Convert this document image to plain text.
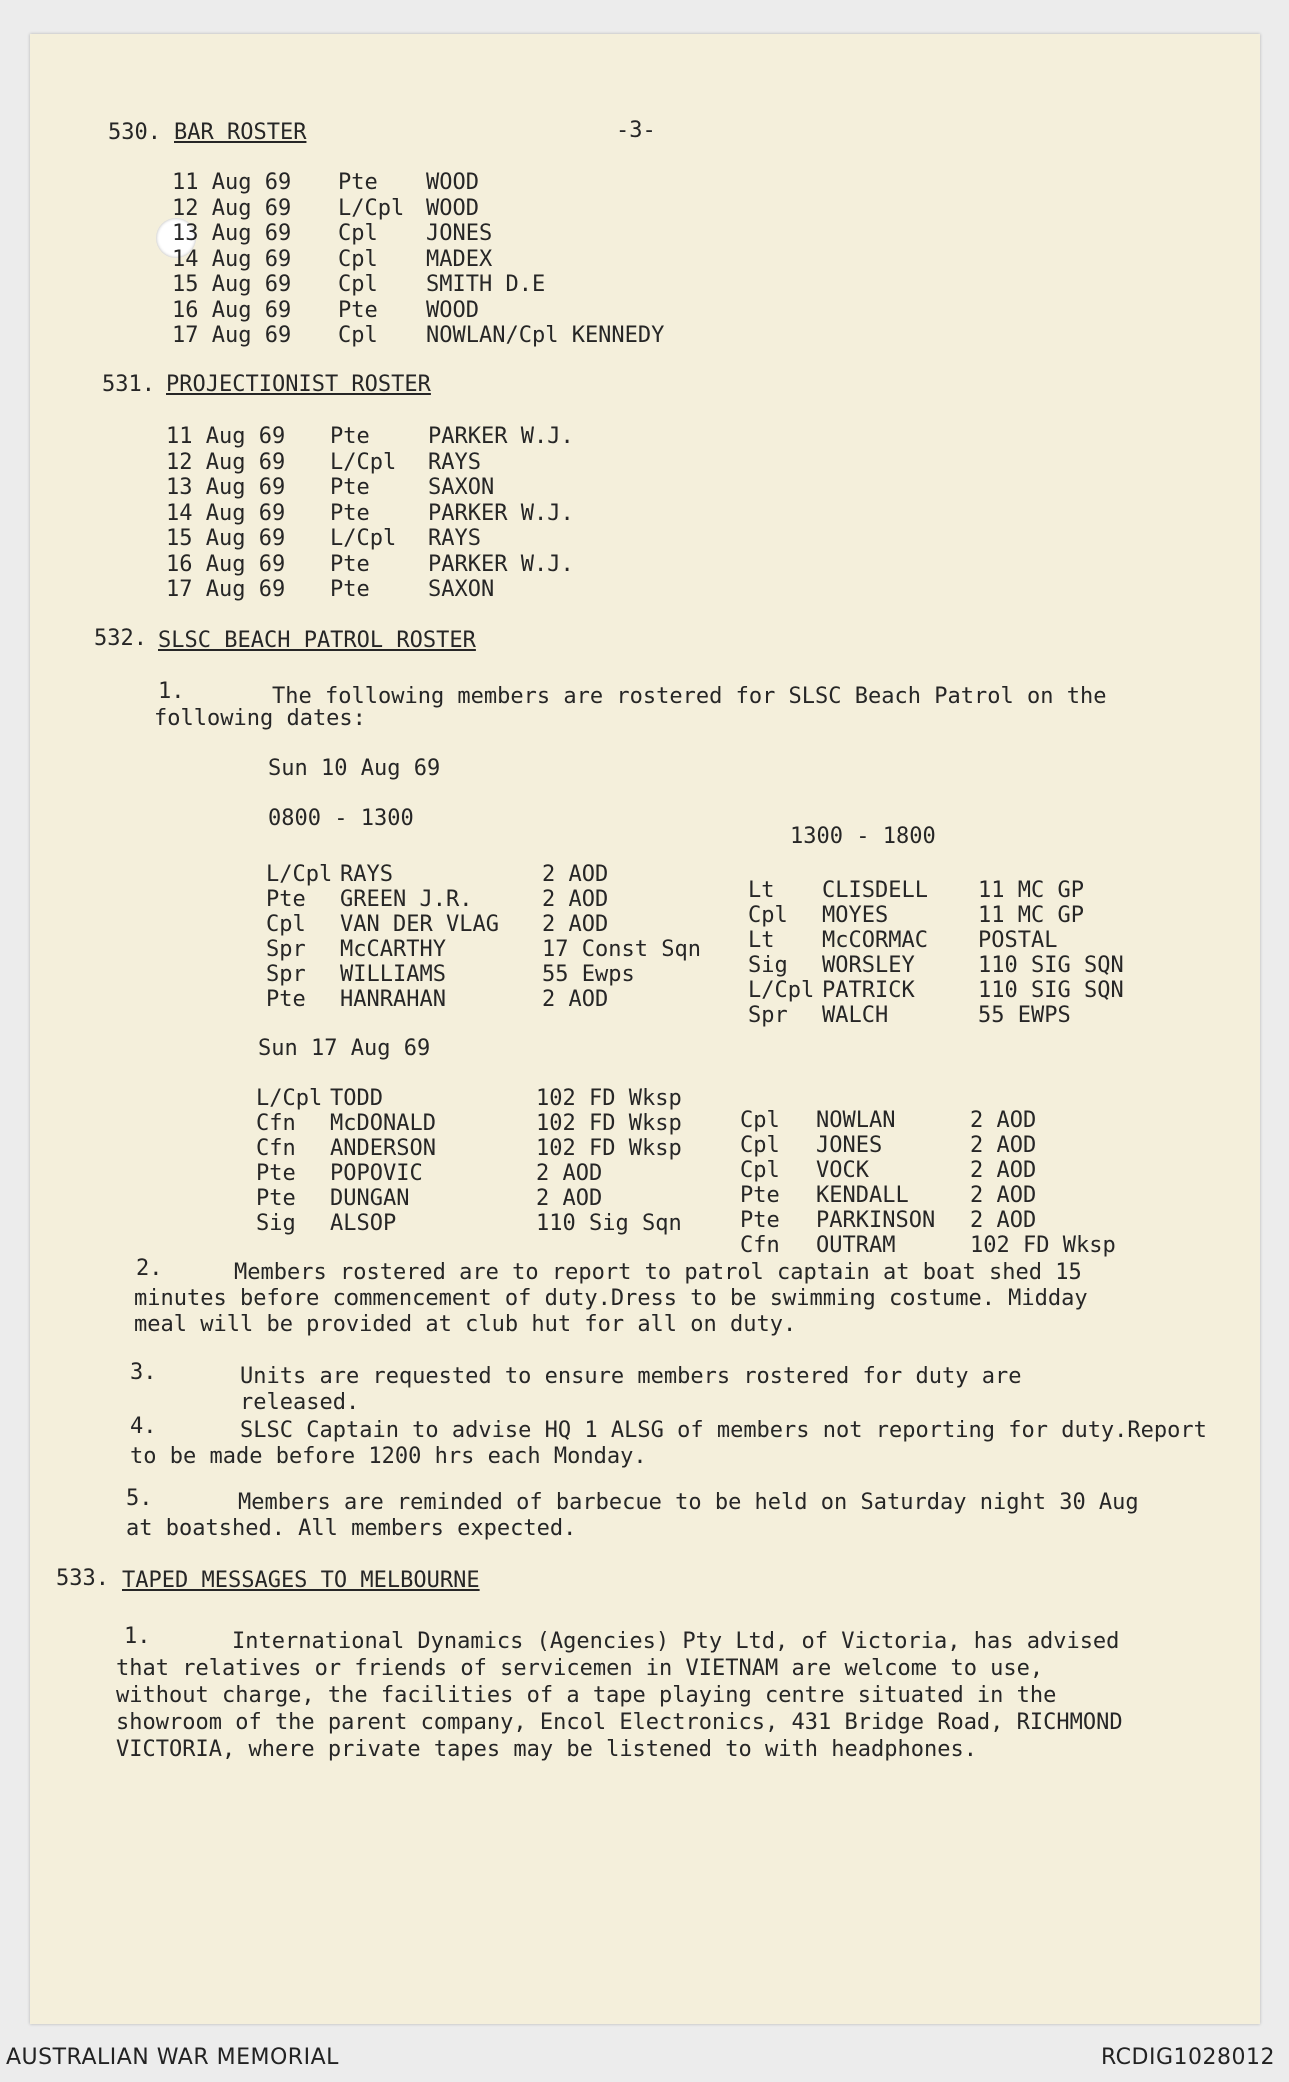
-3-
530. BAR ROSTER
11 Aug 69 Pte WOOD
12 Aug 69 L/Cpl WOOD
13 Aug 69 Cpl JONES
14 Aug 69 Cpl MADEX
15 Aug 69 Cpl SMITH D.E
16 Aug 69 Pte WOOD
17 Aug 69 Cpl NOWLAN/Cpl KENNEDY
531. PROJECTIONIST ROSTER
11 Aug 69 Pte	PARKER W.J.
12 Aug 69 L/Cpl RAYS
13 Aug 69 Pte	SAXON
14 Aug 69 Pte	PARKER W.J.
15 Aug 69 L/Cpl RAYS
16 Aug 69 Pte	PARKER W.J.
17 Aug 69 Pte	SAXON
532. SLSC BEACH PATROL ROSTER
1.	The following members are rostered for SLSC Beach Patrol on the
following dates:
Sun 10 Aug 69
0800 - 1300
1300 - 1800
L/Cpl RAYS	2 AOD
Pte GREEN J.R.	2 AOD
Cpl VAN DER VLAG 2 AOD
Spr McCARTHY	17 Const Sqn
Spr WILLIAMS	55 Ewps
Pte HANRAHAN	2 AOD
Lt CLISDELL 11 MC GP
Cpl MOYES	11 MC GP
Lt McCORMAC POSTAL
Sig WORSLEY	110 SIG SQN
L/Cpl PATRICK	110 SIG SQN
Spr WALCH	55 EWPS
Sun 17 Aug 69
L/Cpl TODD	102 FD Wksp
Cfn McDONALD	102 FD Wksp
Cfn ANDERSON	102 FD Wksp
Pte POPOVIC	2 AOD
Pte DUNGAN	2 AOD
Sig ALSOP	110 Sig Sqn
Cpl NOWLAN	2 AOD
Cpl JONES	2 AOD
Cpl VOCK	2 AOD
Pte KENDALL	2 AOD
Pte PARKINSON 2 AOD
Cfn OUTRAM	102 FD Wksp
2.	Members rostered are to report to patrol captain at boat shed 15 minutes before commencement of duty.Dress to be swimming costume. Midday meal will be provided at club hut for all on duty.
3.	Units are requested to ensure members rostered for duty are released.
4.	SLSC Captain to advise HQ 1 ALSG of members not reporting for duty.Report to be made before 1200 hrs each Monday.
5.	Members are reminded of barbecue to be held on Saturday night 30 Aug at boatshed. All members expected.
533. TAPED MESSAGES TO MELBOURNE
1.	International Dynamics (Agencies) Pty Ltd, of Victoria, has advised that relatives or friends of servicemen in VIETNAM are welcome to use, without charge, the facilities of a tape playing centre situated in the showroom of the parent company, Encol Electronics, 431 Bridge Road, RICHMOND VICTORIA, where private tapes may be listened to with headphones.
AUSTRALIAN WAR MEMORIAL	RCDIG1028012
